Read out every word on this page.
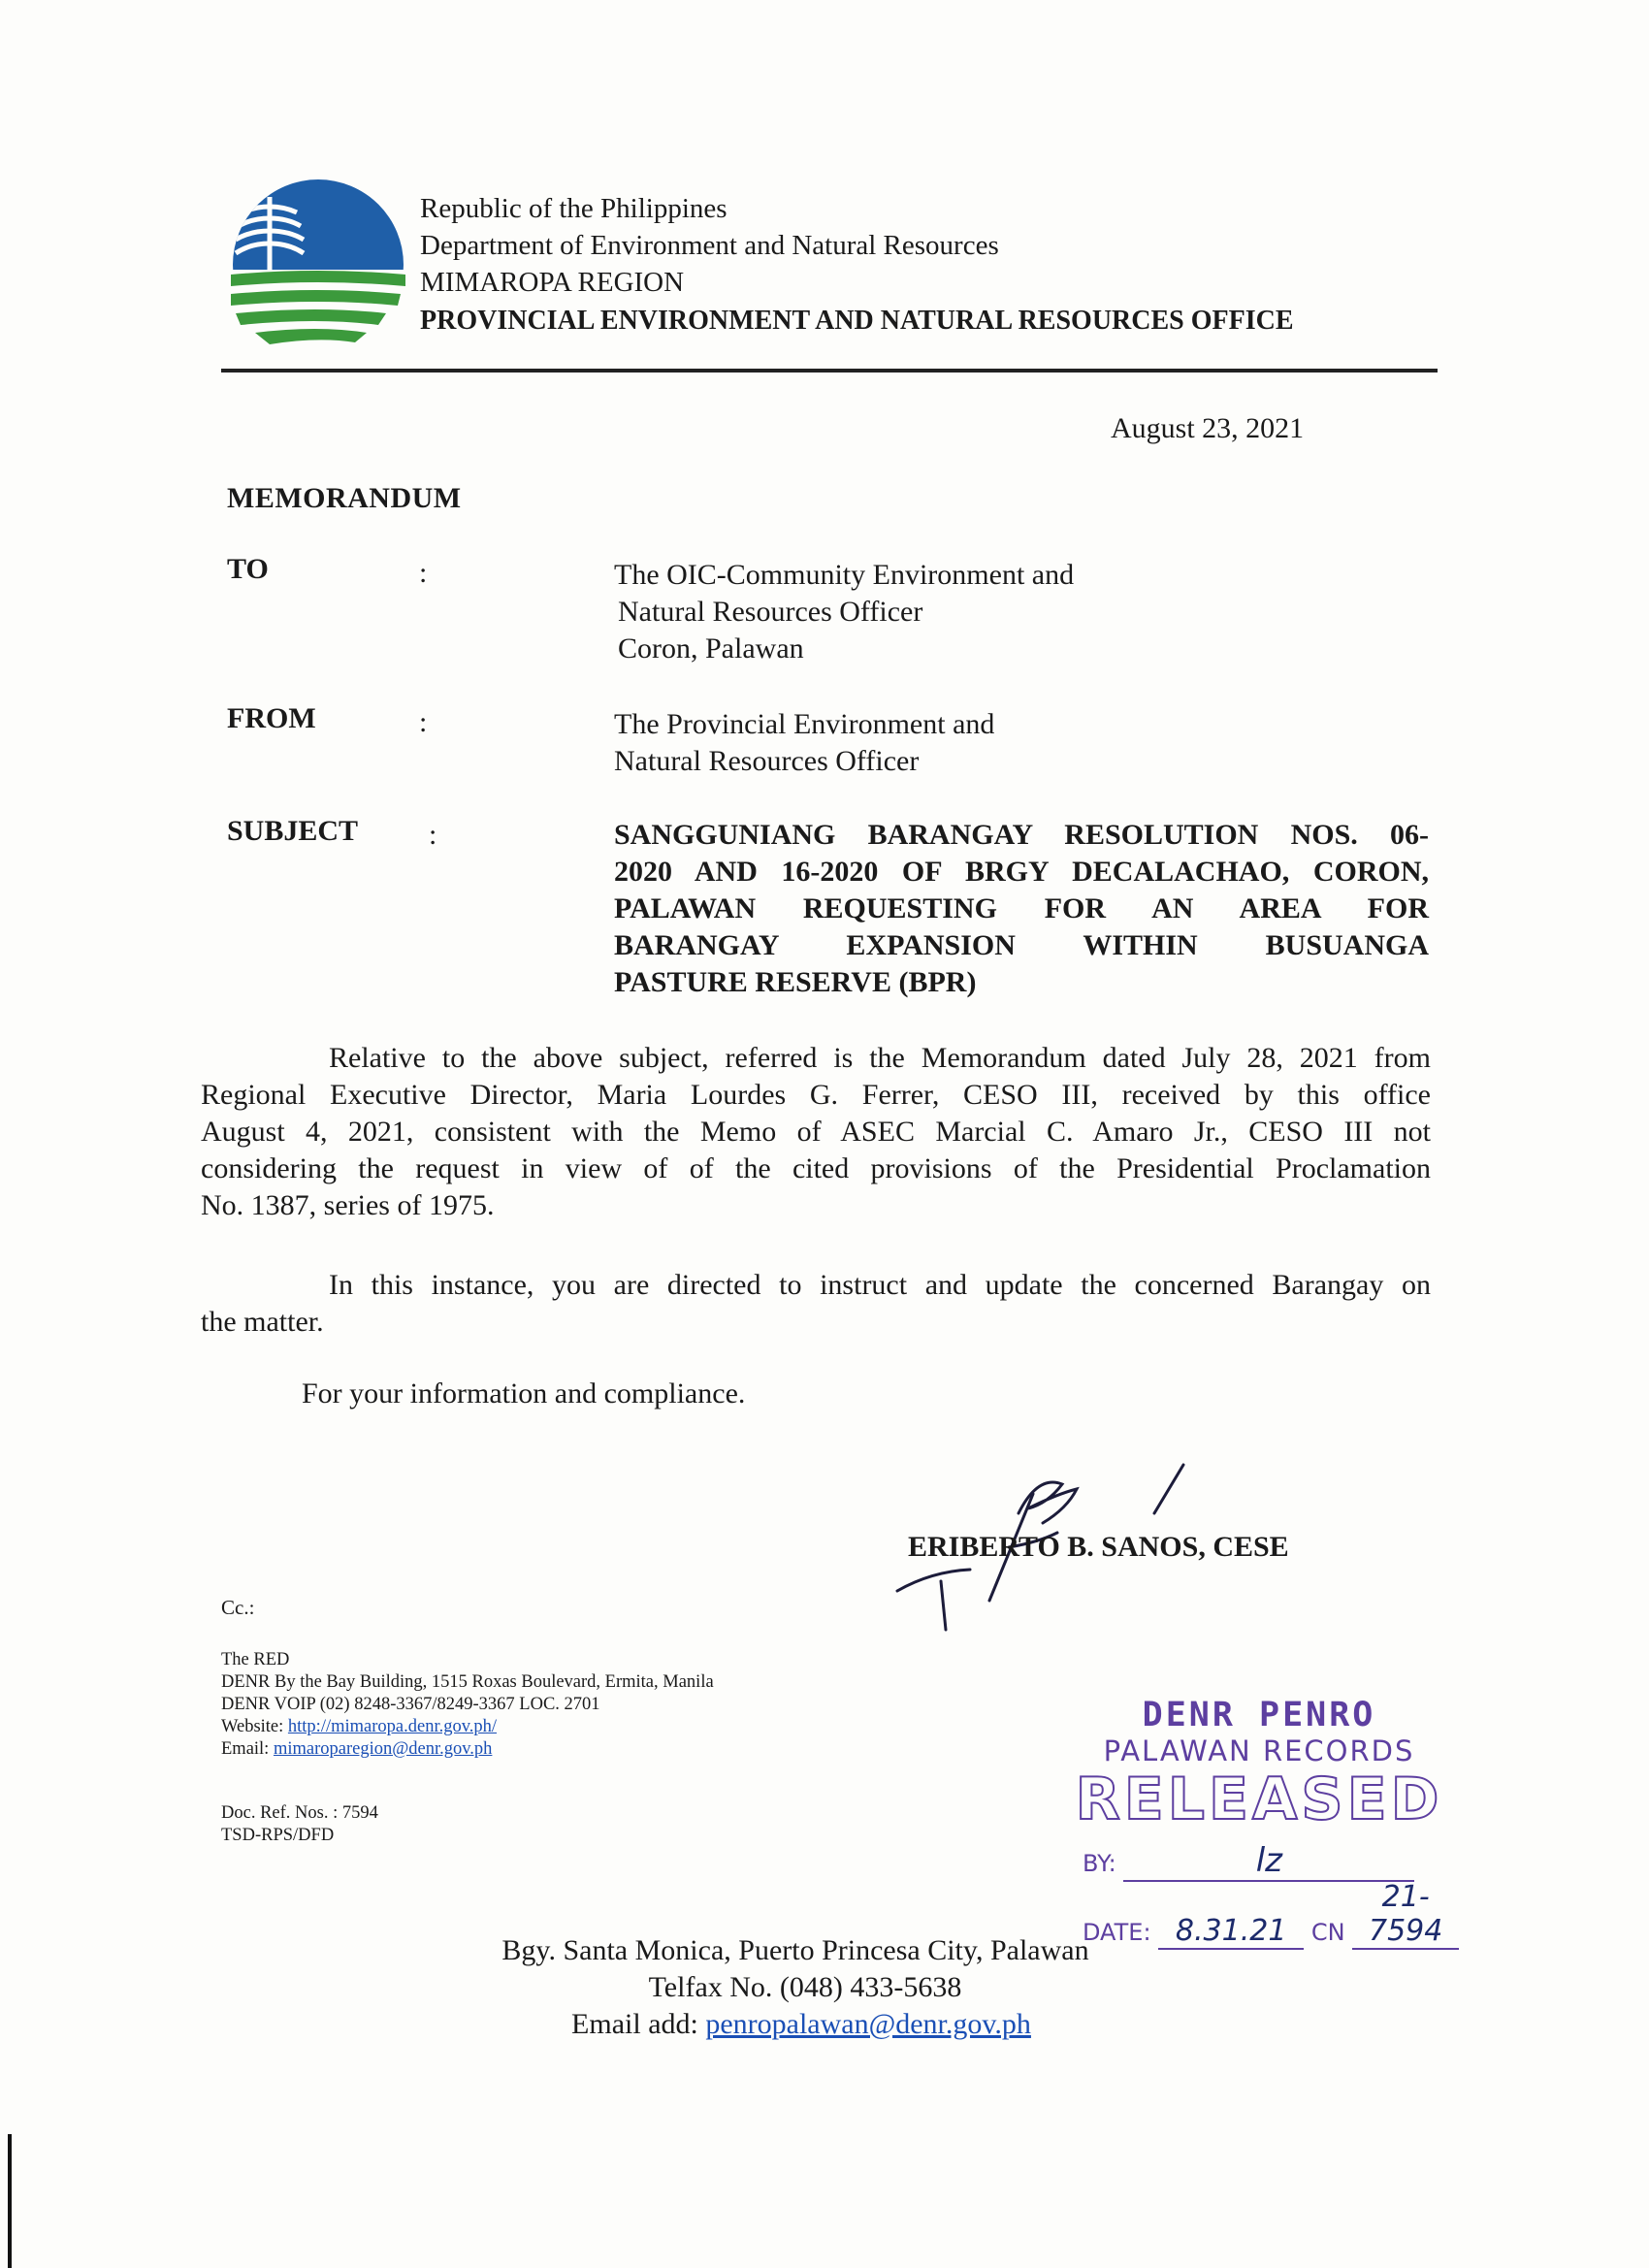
Republic of the Philippines
Department of Environment and Natural Resources
MIMAROPA REGION
PROVINCIAL ENVIRONMENT AND NATURAL RESOURCES OFFICE
August 23, 2021
MEMORANDUM
TO	:	The OIC-Community Environment and
Natural Resources Officer
Coron, Palawan
FROM	:	The Provincial Environment and
Natural Resources Officer
SUBJECT :	SANGGUNIANG BARANGAY RESOLUTION NOS. 06-
2020 AND 16-2020 OF BRGY DECALACHAO, CORON,
PALAWAN REQUESTING FOR AN AREA FOR
BARANGAY EXPANSION WITHIN BUSUANGA
PASTURE RESERVE (BPR)
Relative to the above subject, referred is the Memorandum dated July 28, 2021 from
Regional Executive Director, Maria Lourdes G. Ferrer, CESO III, received by this office
August 4, 2021, consistent with the Memo of ASEC Marcial C. Amaro Jr., CESO III not
considering the request in view of of the cited provisions of the Presidential Proclamation
No. 1387, series of 1975.
In this instance, you are directed to instruct and update the concerned Barangay on
the matter.
For your information and compliance.
ERIBERTO B. SANOS, CESE
Cc.:
The RED
DENR By the Bay Building, 1515 Roxas Boulevard, Ermita, Manila
DENR VOIP (02) 8248-3367/8249-3367 LOC. 2701
Website: http://mimaropa.denr.gov.ph/
Email: mimaroparegion@denr.gov.ph
Doc. Ref. Nos. : 7594
TSD-RPS/DFD
DENR PENRO
PALAWAN RECORDS
RELEASED
BY:	lz
DATE: 8.31.21 CN 21-7594
Bgy. Santa Monica, Puerto Princesa City, Palawan
Telfax No. (048) 433-5638
Email add: penropalawan@denr.gov.ph
